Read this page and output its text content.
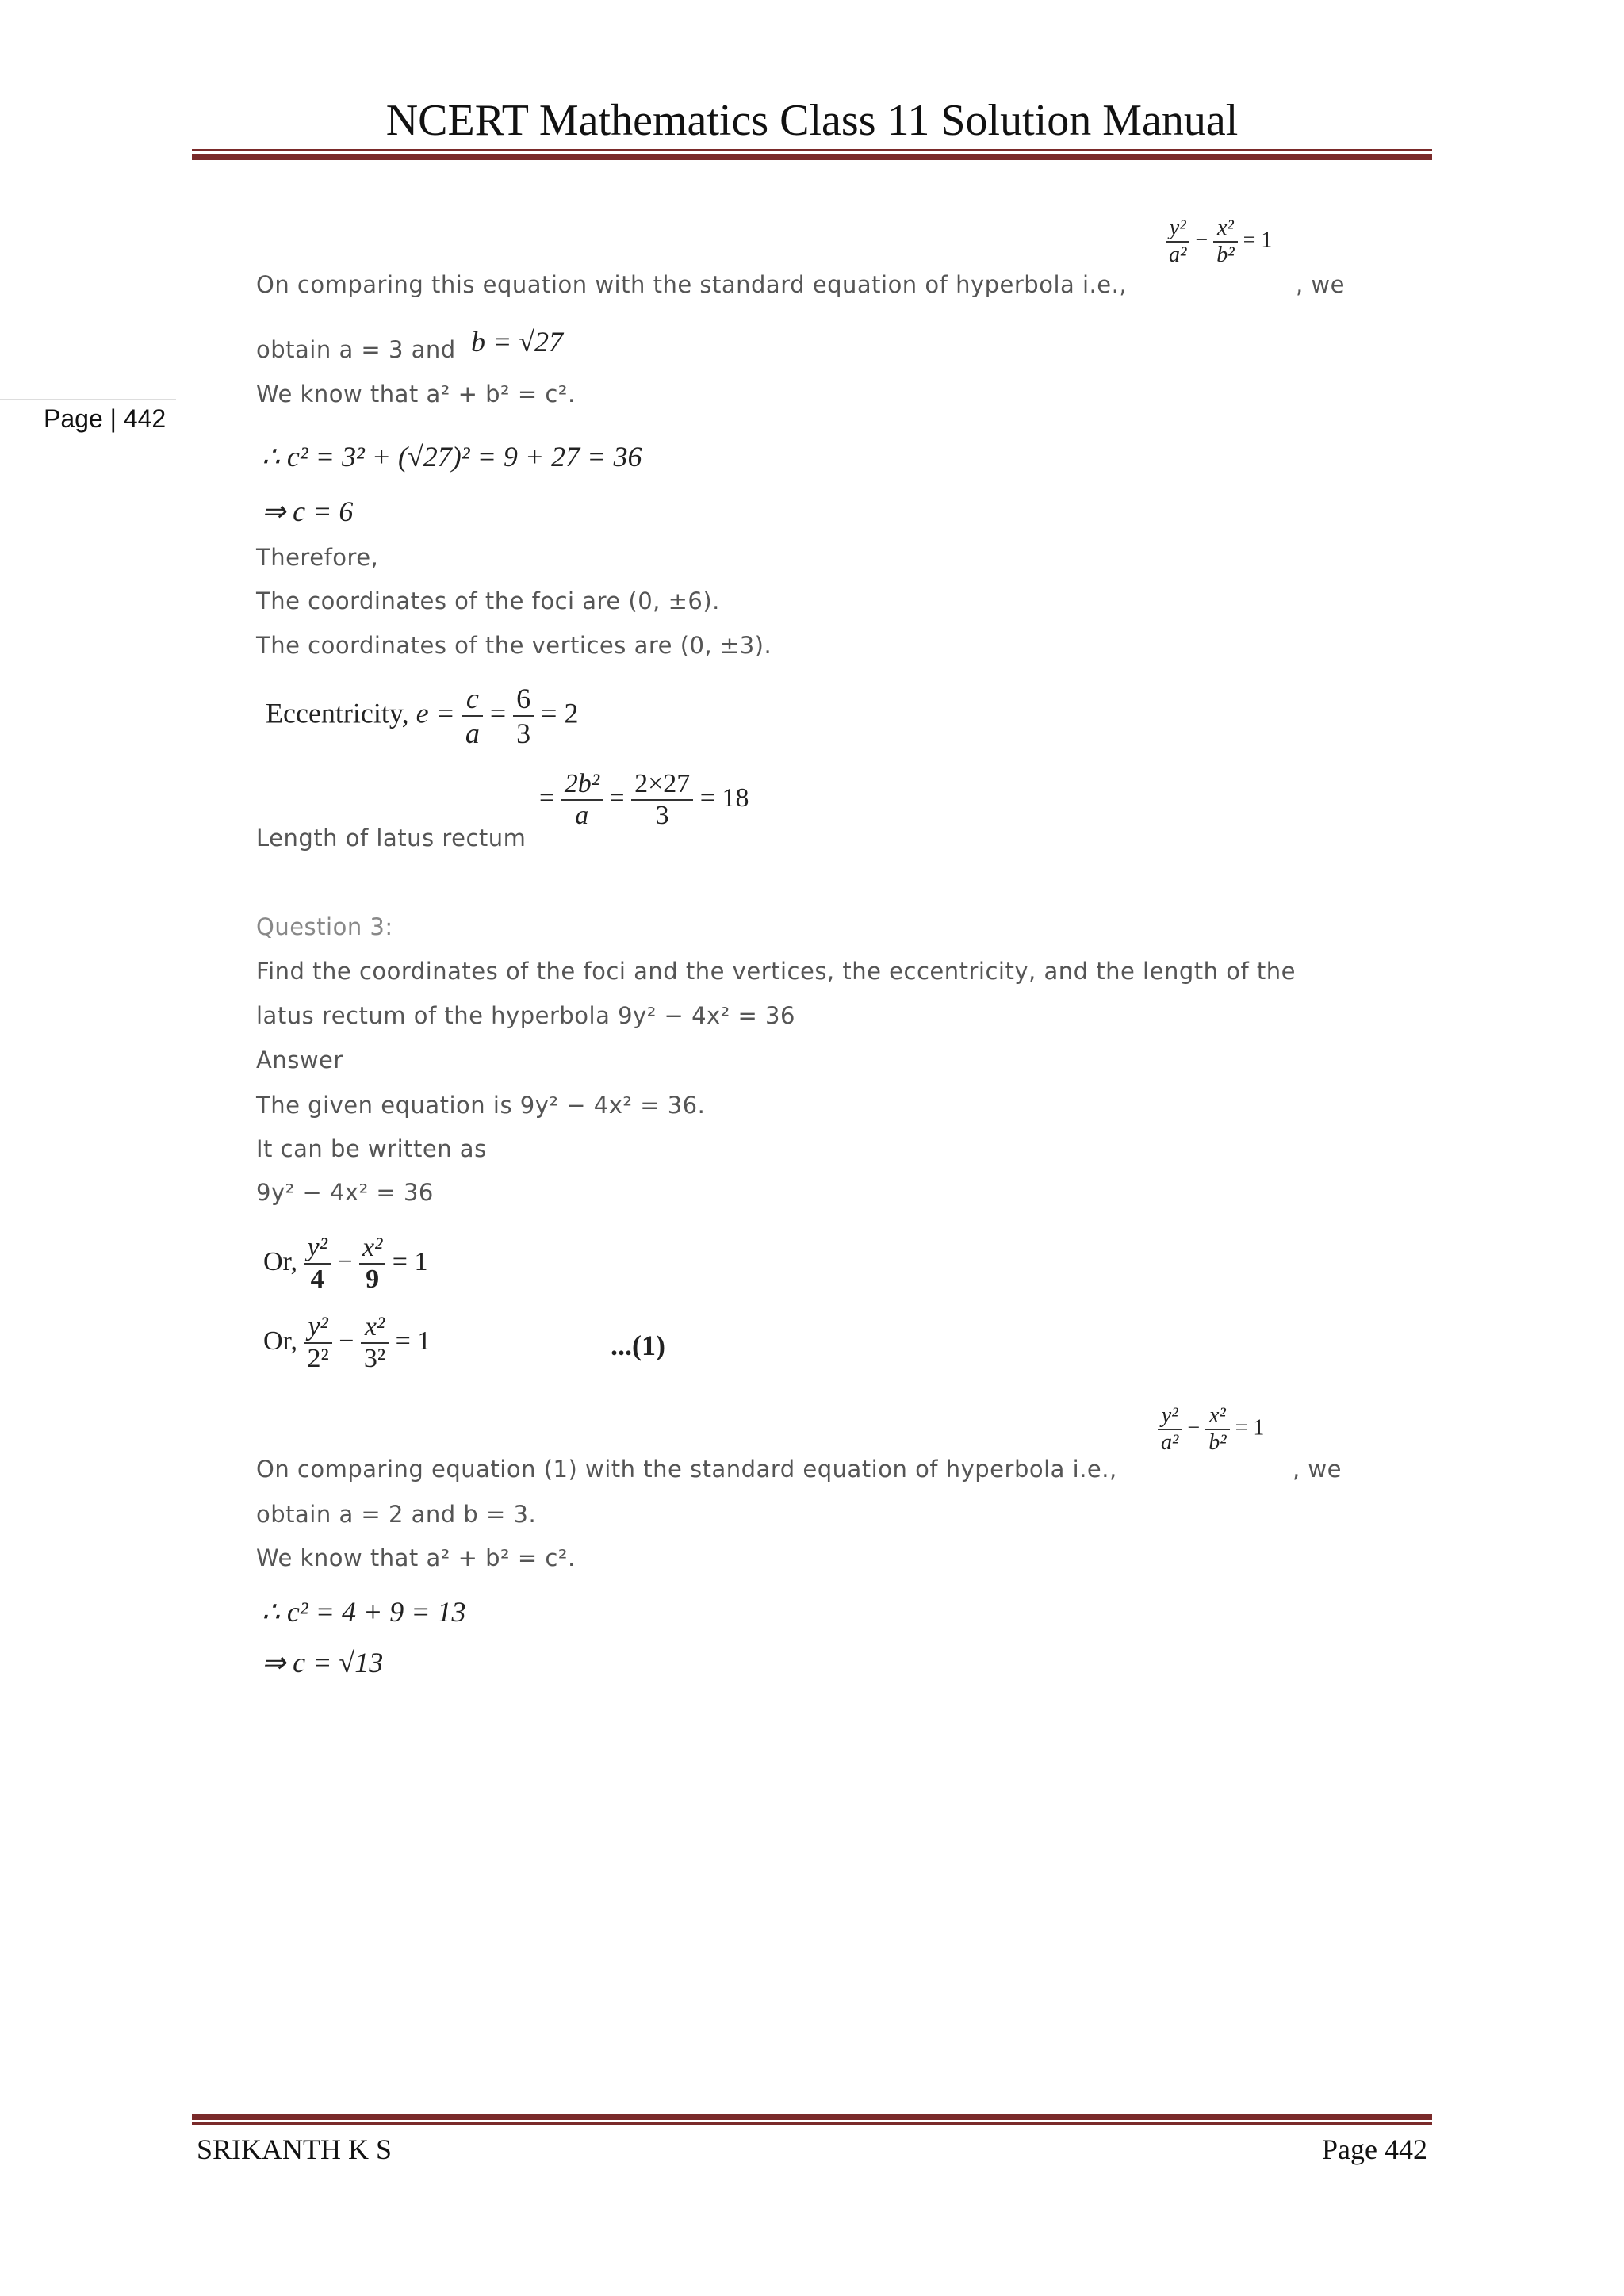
NCERT Mathematics Class 11 Solution Manual
Page | 442
On comparing this equation with the standard equation of hyperbola i.e.,
$\frac{\text{y²}}{\text{a²}} - \frac{\text{x²}}{\text{b²}} = 1$
, we
obtain a = 3 and b = √27
We know that a² + b² = c².
∴ c² = 3² + (√27)² = 9 + 27 = 36
⇒ c = 6
Therefore,
The coordinates of the foci are (0, ±6).
The coordinates of the vertices are (0, ±3).
Eccentricity, $e = \frac{c}{a} = \frac{6}{3} = 2$
Length of latus rectum
= $\frac{\text{2b²}}{a} = \frac{2\times 27}{3} = 18$
Question 3:
Find the coordinates of the foci and the vertices, the eccentricity, and the length of the
latus rectum of the hyperbola 9y² − 4x² = 36
Answer
The given equation is 9y² − 4x² = 36.
It can be written as
9y² − 4x² = 36
Or, $\frac{\text{y²}}{4} - \frac{\text{x²}}{9} = 1$
Or, $\frac{\text{y²}}{\text{2²}} - \frac{\text{x²}}{\text{3²}} = 1$	...(1)
On comparing equation (1) with the standard equation of hyperbola i.e.,
$\frac{\text{y²}}{\text{a²}} - \frac{\text{x²}}{\text{b²}} = 1$
, we
obtain a = 2 and b = 3.
We know that a² + b² = c².
∴ c² = 4 + 9 = 13
⇒ c = √13
SRIKANTH K S	Page 442
